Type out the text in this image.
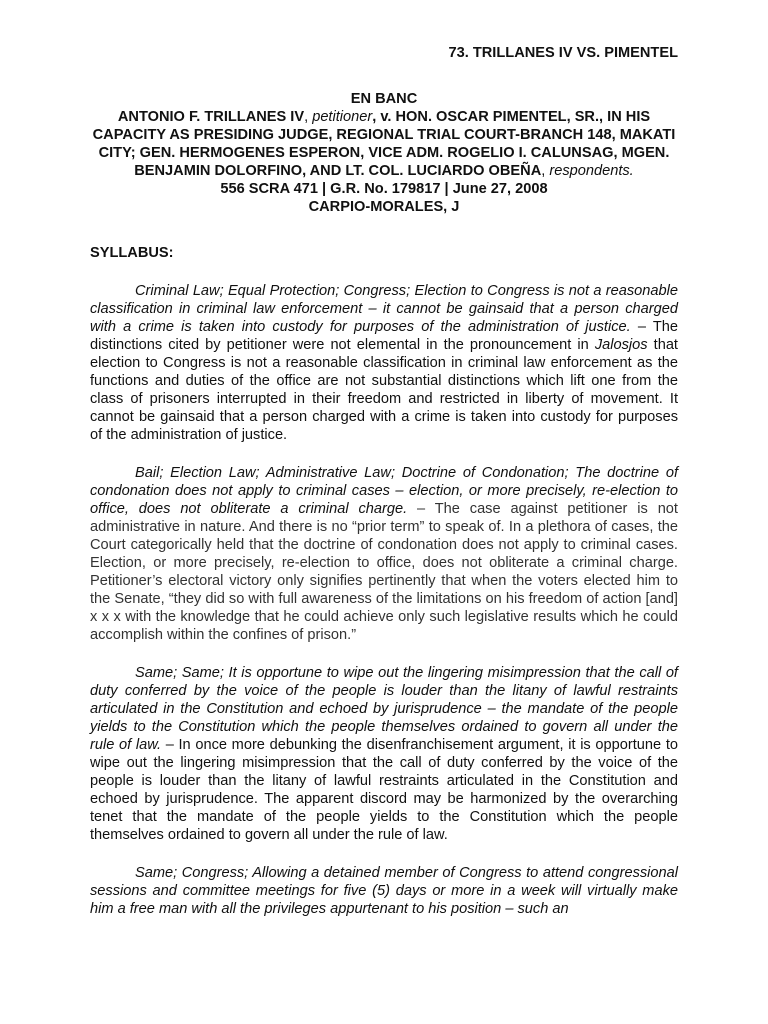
73. TRILLANES IV VS. PIMENTEL
EN BANC
ANTONIO F. TRILLANES IV, petitioner, v. HON. OSCAR PIMENTEL, SR., IN HIS CAPACITY AS PRESIDING JUDGE, REGIONAL TRIAL COURT-BRANCH 148, MAKATI CITY; GEN. HERMOGENES ESPERON, VICE ADM. ROGELIO I. CALUNSAG, MGEN. BENJAMIN DOLORFINO, AND LT. COL. LUCIARDO OBEÑA, respondents.
556 SCRA 471 | G.R. No. 179817 | June 27, 2008
CARPIO-MORALES, J
SYLLABUS:

Criminal Law; Equal Protection; Congress; Election to Congress is not a reasonable classification in criminal law enforcement – it cannot be gainsaid that a person charged with a crime is taken into custody for purposes of the administration of justice. – The distinctions cited by petitioner were not elemental in the pronouncement in Jalosjos that election to Congress is not a reasonable classification in criminal law enforcement as the functions and duties of the office are not substantial distinctions which lift one from the class of prisoners interrupted in their freedom and restricted in liberty of movement. It cannot be gainsaid that a person charged with a crime is taken into custody for purposes of the administration of justice.

Bail; Election Law; Administrative Law; Doctrine of Condonation; The doctrine of condonation does not apply to criminal cases – election, or more precisely, re-election to office, does not obliterate a criminal charge. – The case against petitioner is not administrative in nature. And there is no “prior term” to speak of. In a plethora of cases, the Court categorically held that the doctrine of condonation does not apply to criminal cases. Election, or more precisely, re-election to office, does not obliterate a criminal charge. Petitioner’s electoral victory only signifies pertinently that when the voters elected him to the Senate, “they did so with full awareness of the limitations on his freedom of action [and] x x x with the knowledge that he could achieve only such legislative results which he could accomplish within the confines of prison.”

Same; Same; It is opportune to wipe out the lingering misimpression that the call of duty conferred by the voice of the people is louder than the litany of lawful restraints articulated in the Constitution and echoed by jurisprudence – the mandate of the people yields to the Constitution which the people themselves ordained to govern all under the rule of law. – In once more debunking the disenfranchisement argument, it is opportune to wipe out the lingering misimpression that the call of duty conferred by the voice of the people is louder than the litany of lawful restraints articulated in the Constitution and echoed by jurisprudence. The apparent discord may be harmonized by the overarching tenet that the mandate of the people yields to the Constitution which the people themselves ordained to govern all under the rule of law.

Same; Congress; Allowing a detained member of Congress to attend congressional sessions and committee meetings for five (5) days or more in a week will virtually make him a free man with all the privileges appurtenant to his position – such an
